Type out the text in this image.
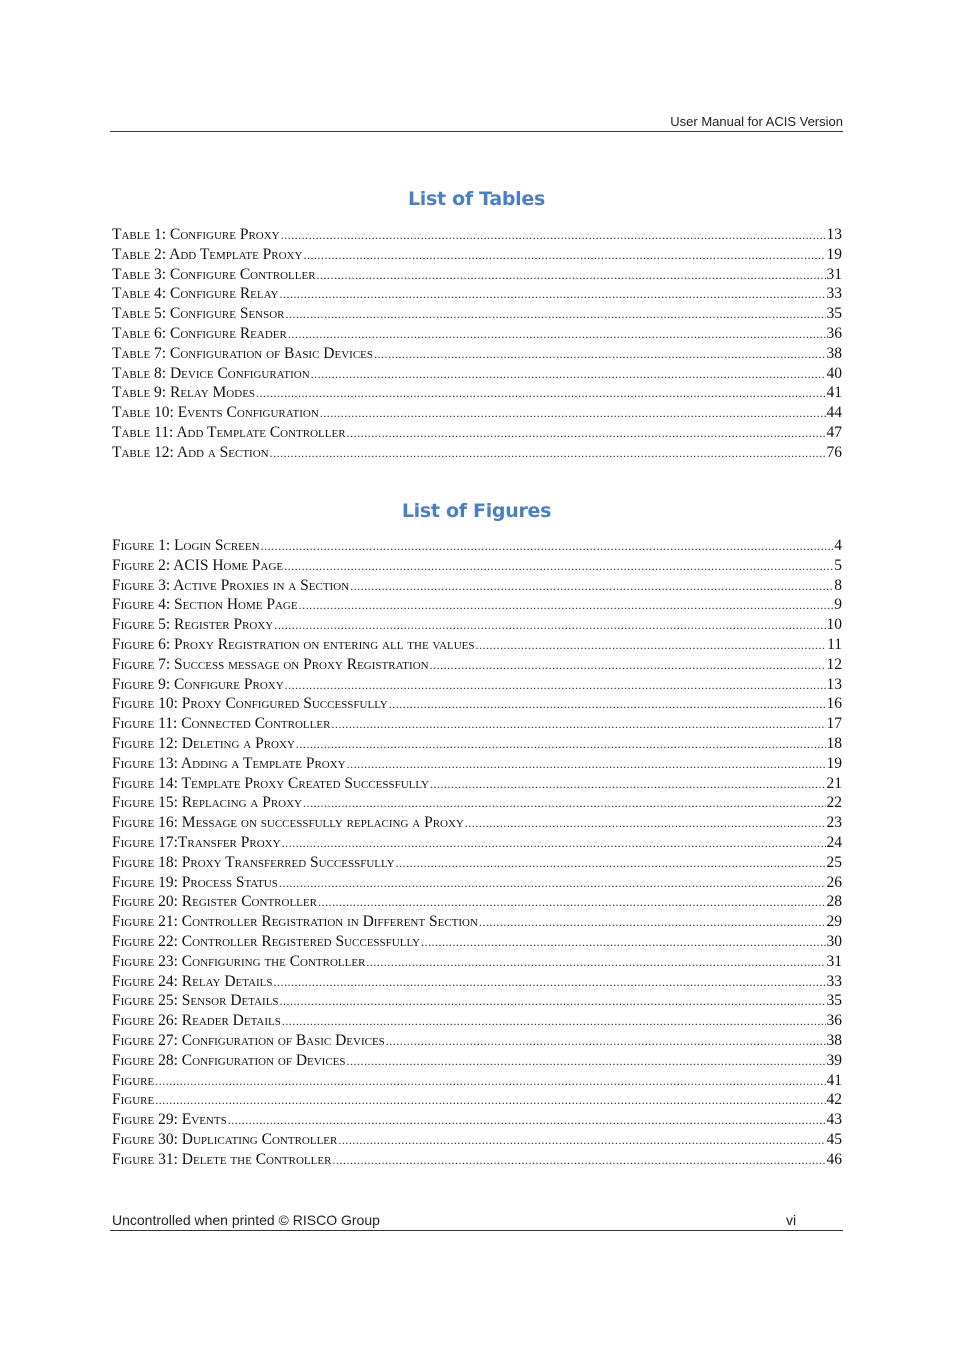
User Manual for ACIS Version
List of Tables
Table 1: Configure Proxy .....	13
Table 2: Add Template Proxy .....	19
Table 3: Configure Controller .....	31
Table 4: Configure Relay .....	33
Table 5: Configure Sensor .....	35
Table 6: Configure Reader .....	36
Table 7: Configuration of Basic Devices .....	38
Table 8: Device Configuration .....	40
Table 9: Relay Modes .....	41
Table 10: Events Configuration .....	44
Table 11: Add Template Controller .....	47
Table 12: Add a Section .....	76
List of Figures
Figure 1: Login Screen .....	4
Figure 2: ACIS Home Page .....	5
Figure 3: Active Proxies in a Section .....	8
Figure 4: Section Home Page .....	9
Figure 5: Register Proxy .....	10
Figure 6: Proxy Registration on entering all the values .....	11
Figure 7: Success message on Proxy Registration .....	12
Figure 9: Configure Proxy .....	13
Figure 10: Proxy Configured Successfully .....	16
Figure 11: Connected Controller .....	17
Figure 12: Deleting a Proxy .....	18
Figure 13: Adding a Template Proxy .....	19
Figure 14: Template Proxy Created Successfully .....	21
Figure 15: Replacing a Proxy .....	22
Figure 16: Message on successfully replacing a Proxy .....	23
Figure 17:Transfer Proxy .....	24
Figure 18: Proxy Transferred Successfully .....	25
Figure 19: Process Status .....	26
Figure 20: Register Controller .....	28
Figure 21: Controller Registration in Different Section .....	29
Figure 22: Controller Registered Successfully .....	30
Figure 23: Configuring the Controller .....	31
Figure 24: Relay Details .....	33
Figure 25: Sensor Details .....	35
Figure 26: Reader Details .....	36
Figure 27: Configuration of Basic Devices .....	38
Figure 28: Configuration of Devices .....	39
Figure .....	41
Figure .....	42
Figure 29: Events .....	43
Figure 30: Duplicating Controller .....	45
Figure 31: Delete the Controller .....	46
Uncontrolled when printed © RISCO Group	vi
